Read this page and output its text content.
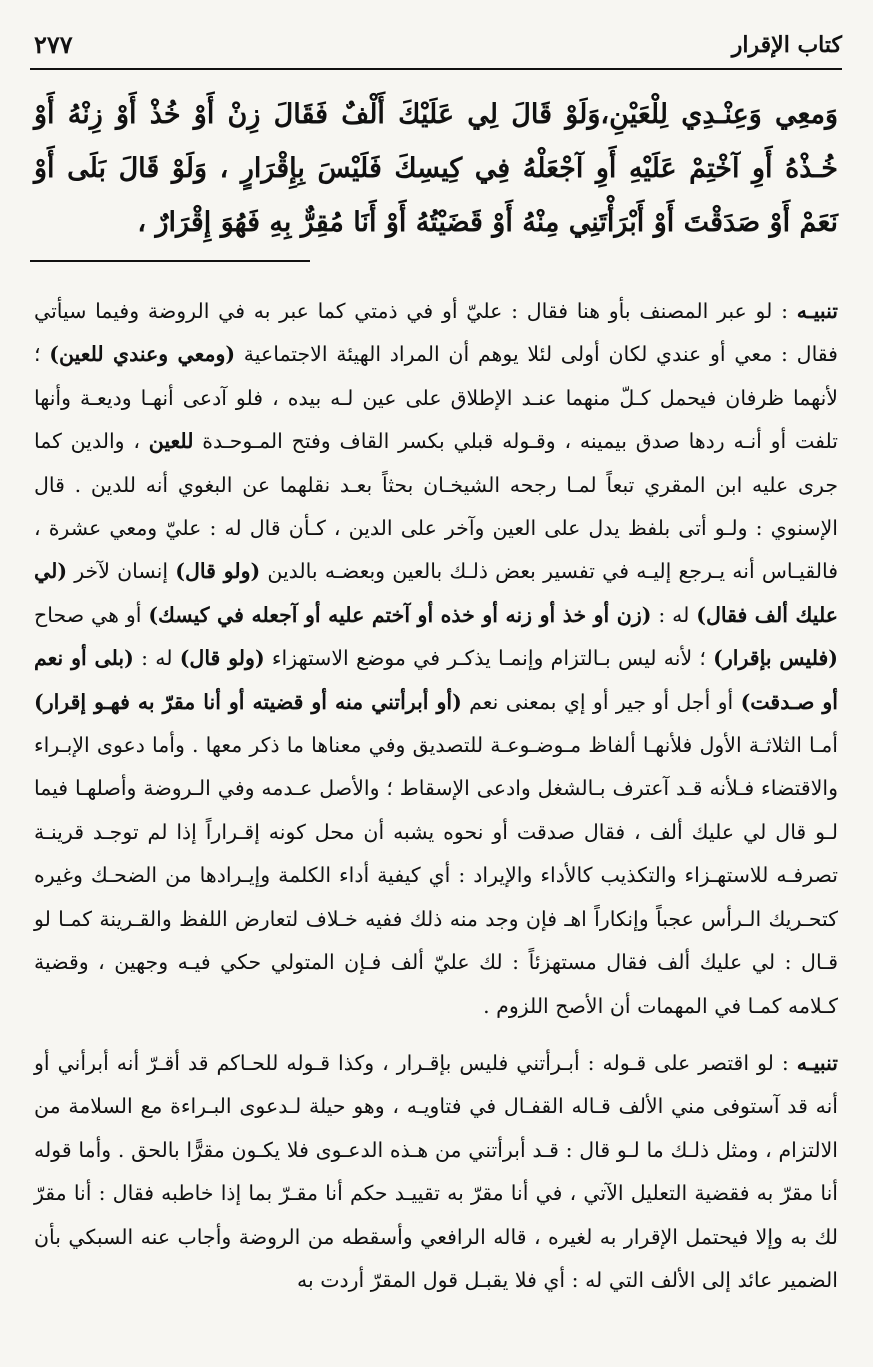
كتاب الإقرار
٢٧٧
وَمعِي وَعِنْـدِي لِلْعَيْنِ،وَلَوْ قَالَ لِي عَلَيْكَ أَلْفٌ فَقَالَ زِنْ أَوْ خُذْ أَوْ زِنْهُ أَوْ خُـذْهُ أَوِ آخْتِمْ عَلَيْهِ أَوِ آجْعَلْهُ فِي كِيسِكَ فَلَيْسَ بِإِقْرَارٍ ، وَلَوْ قَالَ بَلَى أَوْ نَعَمْ أَوْ صَدَقْتَ أَوْ أَبْرَأْتَنِي مِنْهُ أَوْ قَضَيْتُهُ أَوْ أَنَا مُقِرٌّ بِهِ فَهُوَ إِقْرَارٌ ،

تنبيـه : لو عبر المصنف بأو هنا فقال : عليّ أو في ذمتي كما عبر به في الروضة وفيما سيأتي فقال : معي أو عندي لكان أولى لئلا يوهم أن المراد الهيئة الاجتماعية (ومعي وعندي للعين) ؛ لأنهما ظرفان فيحمل كـلّ منهما عنـد الإطلاق على عين لـه بيده ، فلو آدعى أنهـا وديعـة وأنها تلفت أو أنـه ردها صدق بيمينه ، وقـوله قبلي بكسر القاف وفتح المـوحـدة للعين ، والدين كما جرى عليه ابن المقري تبعاً لمـا رجحه الشيخـان بحثاً بعـد نقلهما عن البغوي أنه للدين . قال الإسنوي : ولـو أتى بلفظ يدل على العين وآخر على الدين ، كـأن قال له : عليّ ومعي عشرة ، فالقيـاس أنه يـرجع إليـه في تفسير بعض ذلـك بالعين وبعضـه بالدين (ولو قال) إنسان لآخر (لي عليك ألف فقال) له : (زن أو خذ أو زنه أو خذه أو آختم عليه أو آجعله في كيسك) أو هي صحاح (فليس بإقرار) ؛ لأنه ليس بـالتزام وإنمـا يذكـر في موضع الاستهزاء (ولو قال) له : (بلى أو نعم أو صـدقت) أو أجل أو جير أو إي بمعنى نعم (أو أبرأتني منه أو قضيته أو أنا مقرّ به فهـو إقرار) أمـا الثلاثـة الأول فلأنهـا ألفاظ مـوضـوعـة للتصديق وفي معناها ما ذكر معها . وأما دعوى الإبـراء والاقتضاء فـلأنه قـد آعترف بـالشغل وادعى الإسقاط ؛ والأصل عـدمه وفي الـروضة وأصلهـا فيما لـو قال لي عليك ألف ، فقال صدقت أو نحوه يشبه أن محل كونه إقـراراً إذا لم توجـد قرينـة تصرفـه للاستهـزاء والتكذيب كالأداء والإيراد : أي كيفية أداء الكلمة وإيـرادها من الضحـك وغيره كتحـريك الـرأس عجباً وإنكاراً اهـ فإن وجد منه ذلك ففيه خـلاف لتعارض اللفظ والقـرينة كمـا لو قـال : لي عليك ألف فقال مستهزئاً : لك عليّ ألف فـإن المتولي حكي فيـه وجهين ، وقضية كـلامه كمـا في المهمات أن الأصح اللزوم .

تنبيـه : لو اقتصر على قـوله : أبـرأتني فليس بإقـرار ، وكذا قـوله للحـاكم قد أقـرّ أنه أبرأني أو أنه قد آستوفى مني الألف قـاله القفـال في فتاويـه ، وهو حيلة لـدعوى البـراءة مع السلامة من الالتزام ، ومثل ذلـك ما لـو قال : قـد أبرأتني من هـذه الدعـوى فلا يكـون مقرًّا بالحق . وأما قوله أنا مقرّ به فقضية التعليل الآتي ، في أنا مقرّ به تقييـد حكم أنا مقـرّ بما إذا خاطبه فقال : أنا مقرّ لك به وإلا فيحتمل الإقرار به لغيره ، قاله الرافعي وأسقطه من الروضة وأجاب عنه السبكي بأن الضمير عائد إلى الألف التي له : أي فلا يقبـل قول المقرّ أردت به
